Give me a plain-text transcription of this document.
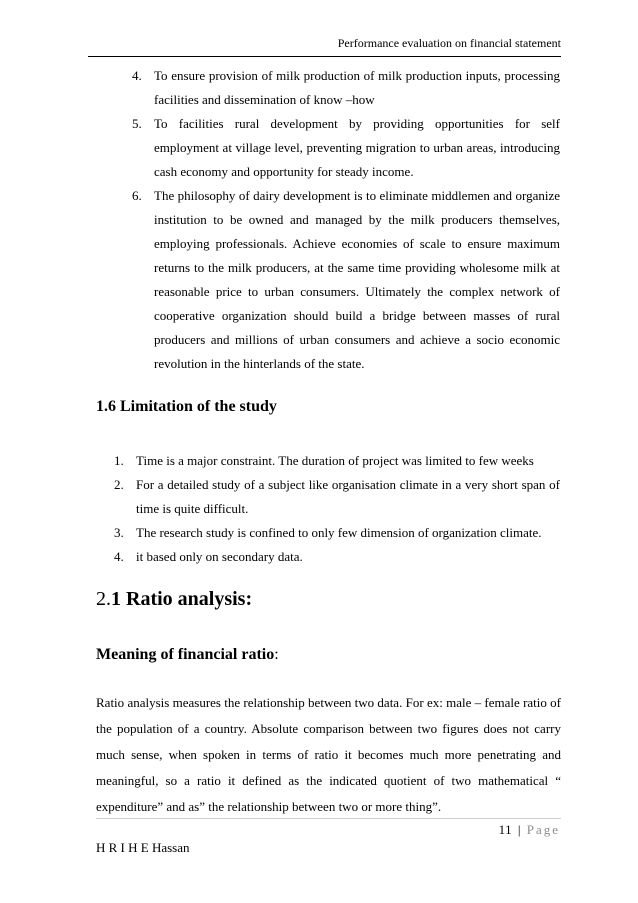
Performance evaluation on financial statement
4. To ensure provision of milk production of milk production inputs, processing facilities and dissemination of know –how
5. To facilities rural development by providing opportunities for self employment at village level, preventing migration to urban areas, introducing cash economy and opportunity for steady income.
6. The philosophy of dairy development is to eliminate middlemen and organize institution to be owned and managed by the milk producers themselves, employing professionals. Achieve economies of scale to ensure maximum returns to the milk producers, at the same time providing wholesome milk at reasonable price to urban consumers. Ultimately the complex network of cooperative organization should build a bridge between masses of rural producers and millions of urban consumers and achieve a socio economic revolution in the hinterlands of the state.
1.6 Limitation of the study
1. Time is a major constraint. The duration of project was limited to few weeks
2. For a detailed study of a subject like organisation climate in a very short span of time is quite difficult.
3. The research study is confined to only few dimension of organization climate.
4. it based only on secondary data.
2.1 Ratio analysis:
Meaning of financial ratio:

Ratio analysis measures the relationship between two data. For ex: male – female ratio of the population of a country. Absolute comparison between two figures does not carry much sense, when spoken in terms of ratio it becomes much more penetrating and meaningful, so a ratio it defined as the indicated quotient of two mathematical “ expenditure” and as” the relationship between two or more thing”.

11 | Page
H R I H E Hassan
